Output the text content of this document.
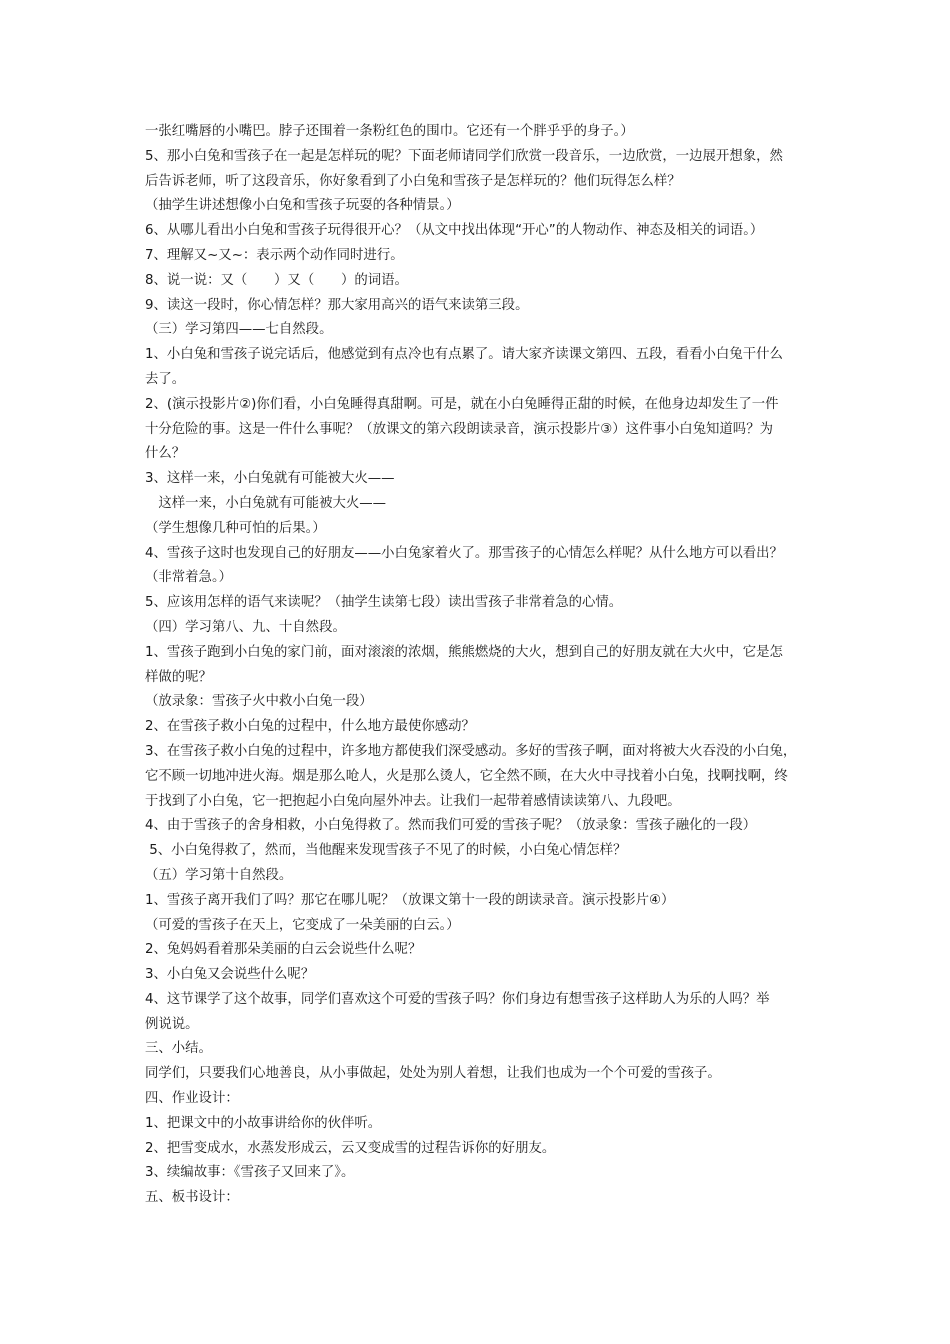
一张红嘴唇的小嘴巴。脖子还围着一条粉红色的围巾。它还有一个胖乎乎的身子。）
5、那小白兔和雪孩子在一起是怎样玩的呢？下面老师请同学们欣赏一段音乐，一边欣赏，一边展开想象，然
后告诉老师，听了这段音乐，你好象看到了小白兔和雪孩子是怎样玩的？他们玩得怎么样？
（抽学生讲述想像小白兔和雪孩子玩耍的各种情景。）
6、从哪儿看出小白兔和雪孩子玩得很开心？（从文中找出体现“开心”的人物动作、神态及相关的词语。）
7、理解又~又~：表示两个动作同时进行。
8、说一说：又（　　）又（　　）的词语。
9、读这一段时，你心情怎样？那大家用高兴的语气来读第三段。
（三）学习第四——七自然段。
1、小白兔和雪孩子说完话后，他感觉到有点冷也有点累了。请大家齐读课文第四、五段，看看小白兔干什么
去了。
2、(演示投影片②)你们看，小白兔睡得真甜啊。可是，就在小白兔睡得正甜的时候，在他身边却发生了一件
十分危险的事。这是一件什么事呢？（放课文的第六段朗读录音，演示投影片③）这件事小白兔知道吗？为
什么？
3、这样一来，小白兔就有可能被大火——
　这样一来，小白兔就有可能被大火——
（学生想像几种可怕的后果。）
4、雪孩子这时也发现自己的好朋友——小白兔家着火了。那雪孩子的心情怎么样呢？从什么地方可以看出？
（非常着急。）
5、应该用怎样的语气来读呢？（抽学生读第七段）读出雪孩子非常着急的心情。
（四）学习第八、九、十自然段。
1、雪孩子跑到小白兔的家门前，面对滚滚的浓烟，熊熊燃烧的大火，想到自己的好朋友就在大火中，它是怎
样做的呢？
（放录象：雪孩子火中救小白兔一段）
2、在雪孩子救小白兔的过程中，什么地方最使你感动？
3、在雪孩子救小白兔的过程中，许多地方都使我们深受感动。多好的雪孩子啊，面对将被大火吞没的小白兔，
它不顾一切地冲进火海。烟是那么呛人，火是那么烫人，它全然不顾，在大火中寻找着小白兔，找啊找啊，终
于找到了小白兔，它一把抱起小白兔向屋外冲去。让我们一起带着感情读读第八、九段吧。
4、由于雪孩子的舍身相救，小白兔得救了。然而我们可爱的雪孩子呢？（放录象：雪孩子融化的一段）
5、小白兔得救了，然而，当他醒来发现雪孩子不见了的时候，小白兔心情怎样？
（五）学习第十自然段。
1、雪孩子离开我们了吗？那它在哪儿呢？（放课文第十一段的朗读录音。演示投影片④）
（可爱的雪孩子在天上，它变成了一朵美丽的白云。）
2、兔妈妈看着那朵美丽的白云会说些什么呢？
3、小白兔又会说些什么呢？
4、这节课学了这个故事，同学们喜欢这个可爱的雪孩子吗？你们身边有想雪孩子这样助人为乐的人吗？举
例说说。
三、小结。
同学们，只要我们心地善良，从小事做起，处处为别人着想，让我们也成为一个个可爱的雪孩子。
四、作业设计：
1、把课文中的小故事讲给你的伙伴听。
2、把雪变成水，水蒸发形成云，云又变成雪的过程告诉你的好朋友。
3、续编故事：《雪孩子又回来了》。
五、板书设计：
